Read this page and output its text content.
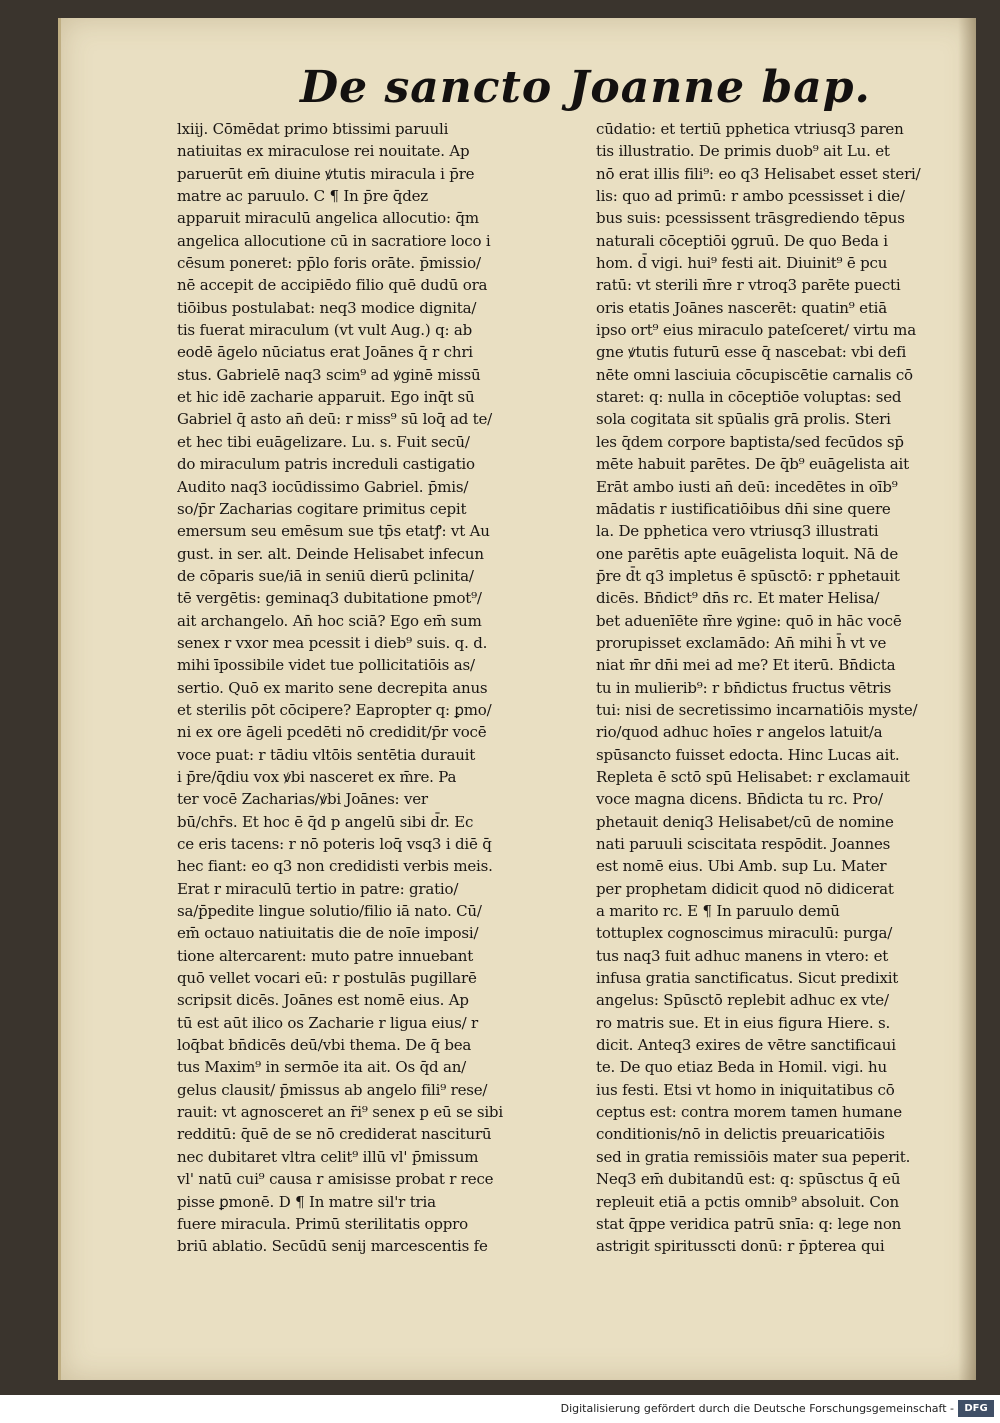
De sancto Joanne bap.
lxiij. Cōmēdat primo btissimi paruuli
natiuitas ex miraculose rei nouitate. Ap
paruerūt em̄ diuine ꝟtutis miracula i p̄re
matre ac paruulo. C ¶ In p̄re q̄dez
apparuit miraculū angelica allocutio: q̄m
angelica allocutione cū in sacratiore loco i
cēsum poneret: pp̄lo foris orāte. p̄missio/
nē accepit de accipiēdo filio quē dudū ora
tiōibus postulabat: neq3 modice dignita/
tis fuerat miraculum (vt vult Aug.) q: ab
eodē āgelo nūciatus erat Joānes q̄ r chri
stus. Gabrielē naq3 scim⁹ ad ꝟginē missū
et hic idē zacharie apparuit. Ego inq̄t sū
Gabriel q̄ asto an̄ deū: r miss⁹ sū loq̄ ad te/
et hec tibi euāgelizare. Lu. s. Fuit secū/
do miraculum patris increduli castigatio
Audito naq3 iocūdissimo Gabriel. p̄mis/
so/p̄r Zacharias cogitare primitus cepit
emersum seu emēsum sue tp̄s etatꝭ: vt Au
gust. in ser. alt. Deinde Helisabet infecun
de cōparis sue/iā in seniū dierū pclinita/
tē vergētis: geminaq3 dubitatione pmot⁹/
ait archangelo. An̄ hoc sciā? Ego em̄ sum
senex r vxor mea pcessit i dieb⁹ suis. q. d.
mihi īpossibile videt tue pollicitatiōis as/
sertio. Quō ex marito sene decrepita anus
et sterilis pōt cōcipere? Eapropter q: ꝑmo/
ni ex ore āgeli pcedēti nō credidit/p̄r vocē
voce puat: r tādiu vltōis sentētia durauit
i p̄re/q̄diu vox ꝟbi nasceret ex m̄re. Pa
ter vocē Zacharias/ꝟbi Joānes: ver
bū/chr̄s. Et hoc ē q̄d p angelū sibi d̄r. Ec
ce eris tacens: r nō poteris loq̄ vsq3 i diē q̄
hec fiant: eo q3 non credidisti verbis meis.
Erat r miraculū tertio in patre: gratio/
sa/p̄pedite lingue solutio/filio iā nato. Cū/
em̄ octauo natiuitatis die de noīe imposi/
tione altercarent: muto patre innuebant
quō vellet vocari eū: r postulās pugillarē
scripsit dicēs. Joānes est nomē eius. Ap
tū est aūt ilico os Zacharie r ligua eius/ r
loq̄bat bn̄dicēs deū/vbi thema. De q̄ bea
tus Maxim⁹ in sermōe ita ait. Os q̄d an/
gelus clausit/ p̄missus ab angelo fili⁹ rese/
rauit: vt agnosceret an r̄i⁹ senex p eū se sibi
redditū: q̄uē de se nō crediderat nasciturū
nec dubitaret vltra celit⁹ illū vl' p̄missum
vl' natū cui⁹ causa r amisisse probat r rece
pisse ꝑmonē. D ¶ In matre sil'r tria
fuere miracula. Primū sterilitatis oppro
briū ablatio. Secūdū senij marcescentis fe
cūdatio: et tertiū pphetica vtriusq3 paren
tis illustratio. De primis duob⁹ ait Lu. et
nō erat illis fili⁹: eo q3 Helisabet esset steri/
lis: quo ad primū: r ambo pcessisset i die/
bus suis: pcessissent trāsgrediendo tēpus
naturali cōceptiōi ꝯgruū. De quo Beda i
hom. d̄ vigi. hui⁹ festi ait. Diuinit⁹ ē pcu
ratū: vt sterili m̄re r vtroq3 parēte puecti
oris etatis Joānes nascerēt: quatin⁹ etiā
ipso ort⁹ eius miraculo pateſceret/ virtu ma
gne ꝟtutis futurū esse q̄ nascebat: vbi defi
nēte omni lasciuia cōcupiscētie carnalis cō
staret: q: nulla in cōceptiōe voluptas: sed
sola cogitata sit spūalis grā prolis. Steri
les q̄dem corpore baptista/sed fecūdos sp̄
mēte habuit parētes. De q̄b⁹ euāgelista ait
Erāt ambo iusti an̄ deū: incedētes in oīb⁹
mādatis r iustificatiōibus dn̄i sine quere
la. De pphetica vero vtriusq3 illustrati
one parētis apte euāgelista loquit. Nā de
p̄re d̄t q3 impletus ē spūsctō: r pphetauit
dicēs. Bn̄dict⁹ dn̄s rc. Et mater Helisa/
bet aduenīēte m̄re ꝟgine: quō in hāc vocē
prorupisset exclamādo: An̄ mihi h̄ vt ve
niat m̄r dn̄i mei ad me? Et iterū. Bn̄dicta
tu in mulierib⁹: r bn̄dictus fructus vētris
tui: nisi de secretissimo incarnatiōis myste/
rio/quod adhuc hoīes r angelos latuit/a
spūsancto fuisset edocta. Hinc Lucas ait.
Repleta ē sctō spū Helisabet: r exclamauit
voce magna dicens. Bn̄dicta tu rc. Pro/
phetauit deniq3 Helisabet/cū de nomine
nati paruuli sciscitata respōdit. Joannes
est nomē eius. Ubi Amb. sup Lu. Mater
per prophetam didicit quod nō didicerat
a marito rc. E ¶ In paruulo demū
tottuplex cognoscimus miraculū: purga/
tus naq3 fuit adhuc manens in vtero: et
infusa gratia sanctificatus. Sicut predixit
angelus: Spūsctō replebit adhuc ex vte/
ro matris sue. Et in eius figura Hiere. s.
dicit. Anteq3 exires de vētre sanctificaui
te. De quo etiaz Beda in Homil. vigi. hu
ius festi. Etsi vt homo in iniquitatibus cō
ceptus est: contra morem tamen humane
conditionis/nō in delictis preuaricatiōis
sed in gratia remissiōis mater sua peperit.
Neq3 em̄ dubitandū est: q: spūsctus q̄ eū
repleuit etiā a pctis omnib⁹ absoluit. Con
stat q̄ppe veridica patrū snīa: q: lege non
astrigit spiritusscti donū: r p̄pterea qui
Digitalisierung gefördert durch die Deutsche Forschungsgemeinschaft -	DFG
